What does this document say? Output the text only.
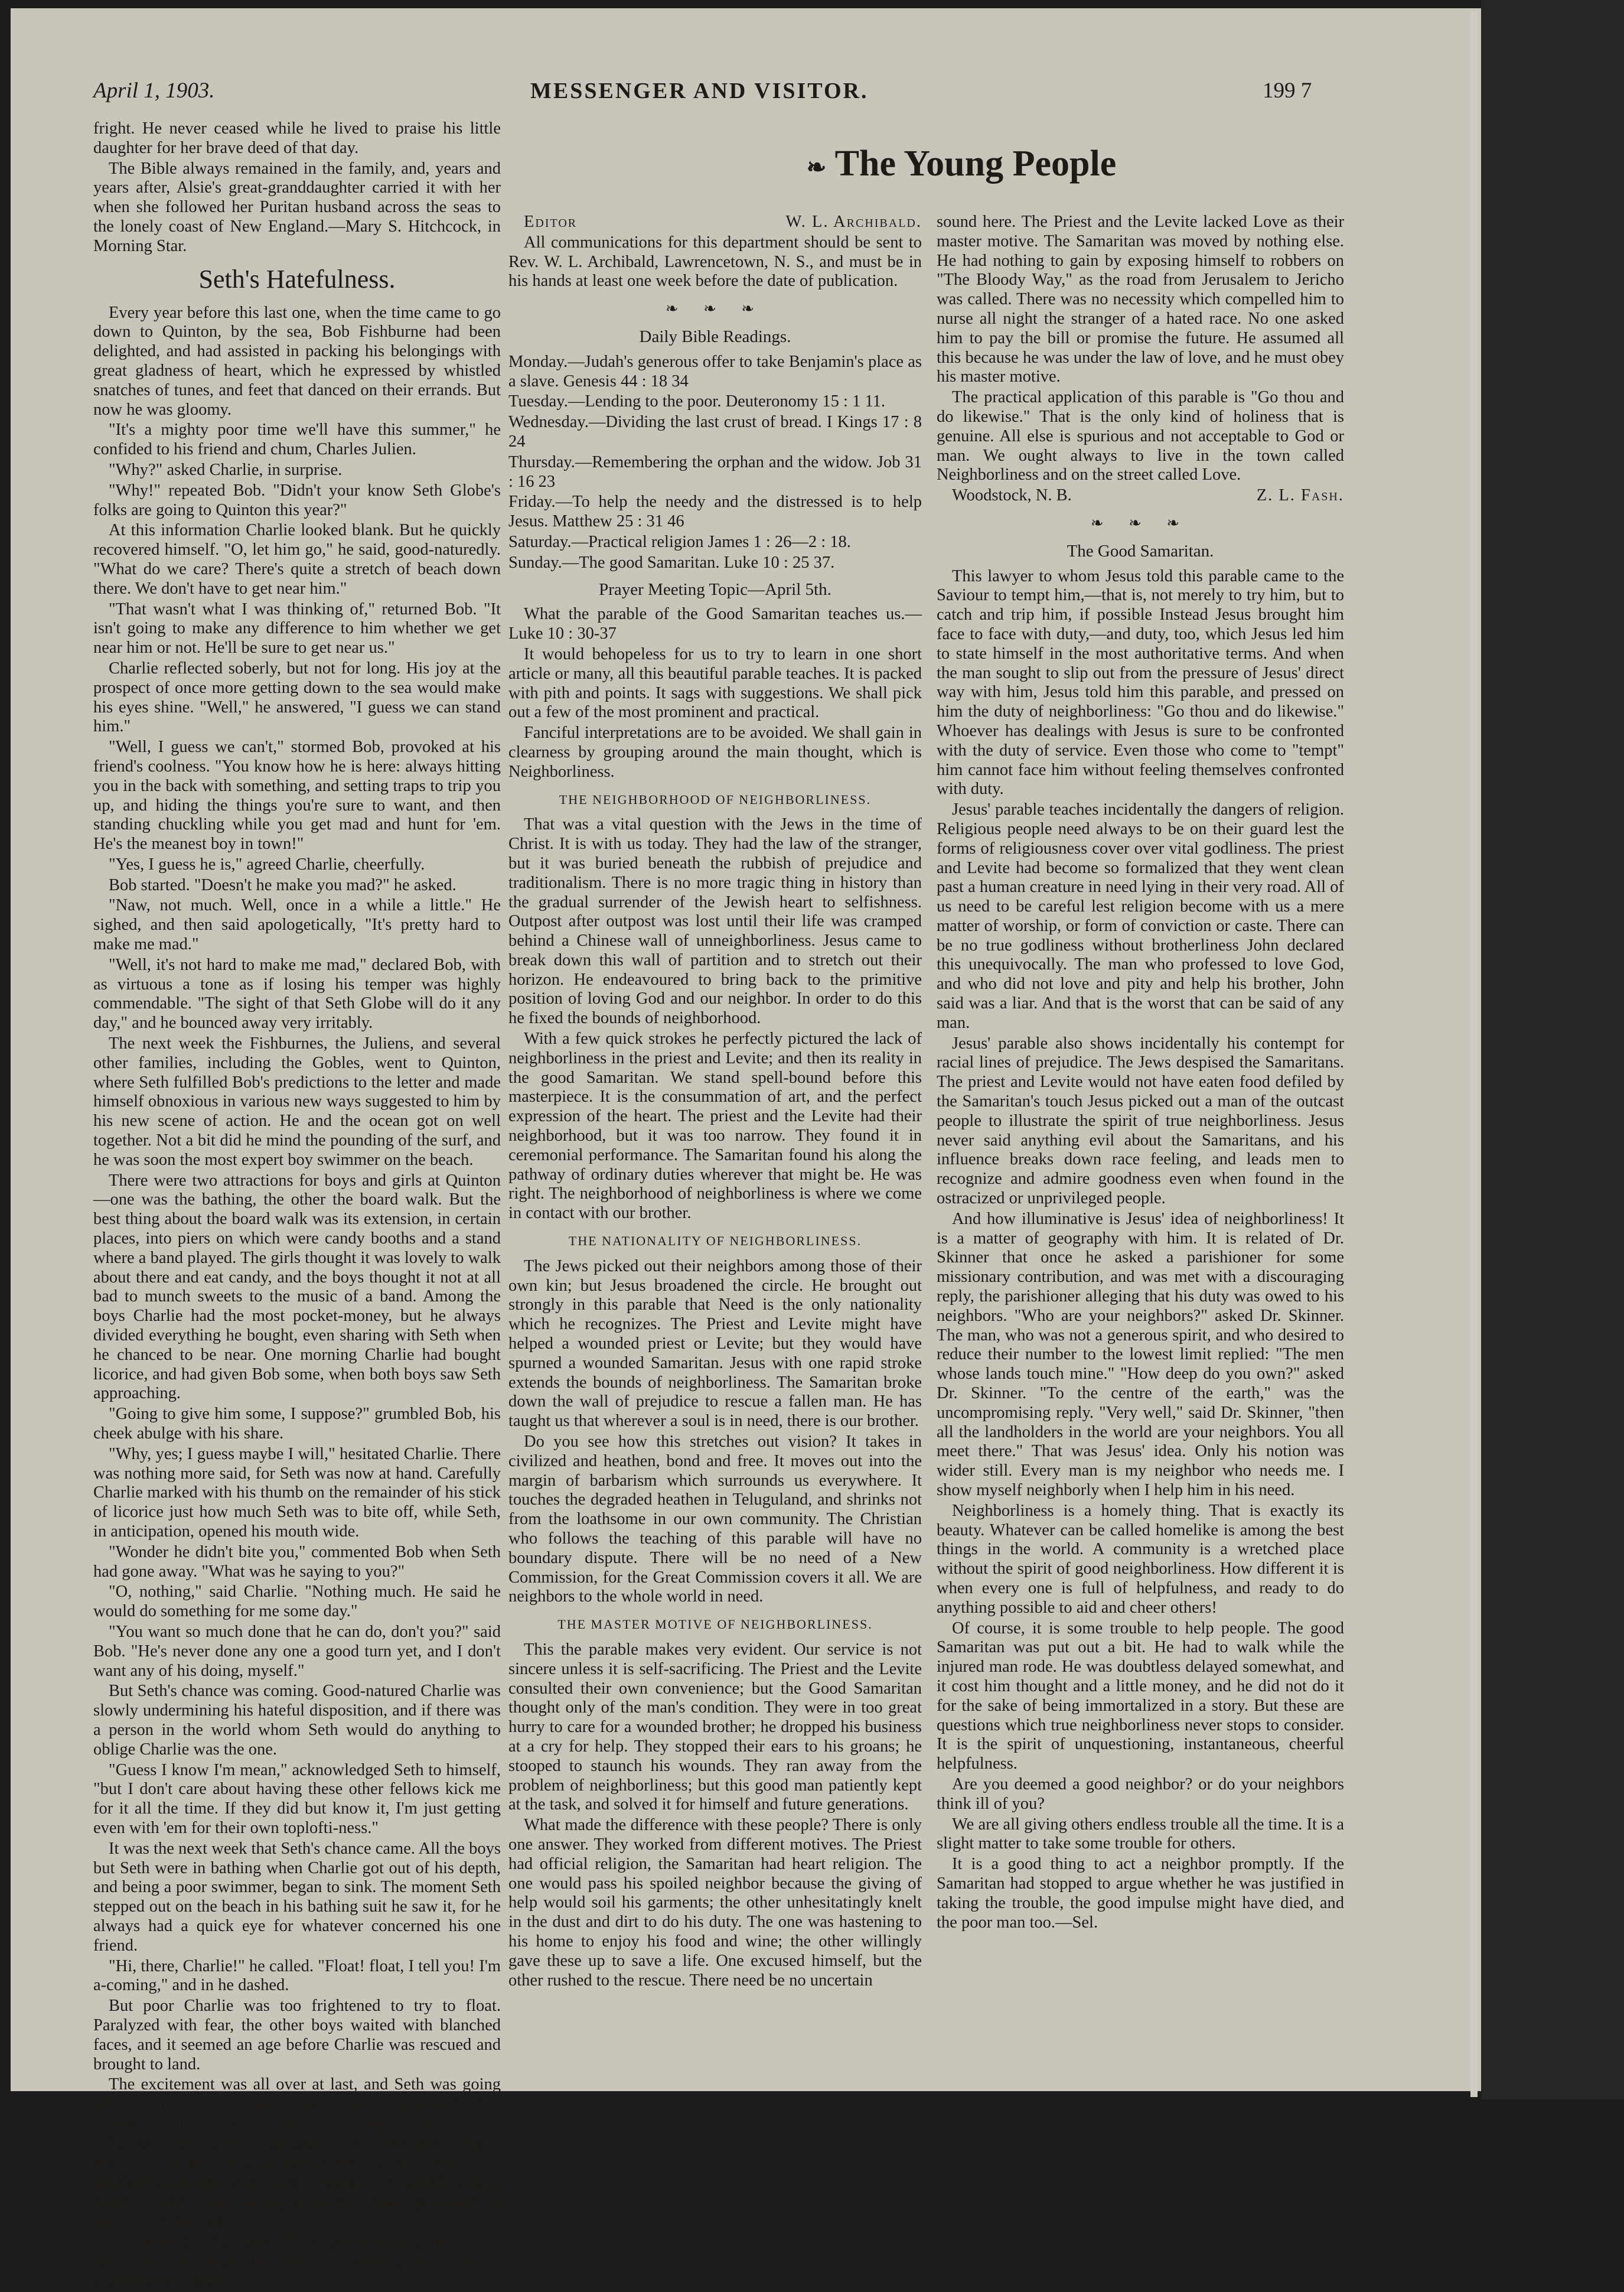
April 1, 1903.	MESSENGER AND VISITOR.	199 7
❧ The Young People

fright. He never ceased while he lived to praise his little daughter for her brave deed of that day.

The Bible always remained in the family, and, years and years after, Alsie's great-granddaughter carried it with her when she followed her Puritan husband across the seas to the lonely coast of New England.—Mary S. Hitchcock, in Morning Star.

Seth's Hatefulness.

Every year before this last one, when the time came to go down to Quinton, by the sea, Bob Fishburne had been delighted, and had assisted in packing his belongings with great gladness of heart, which he expressed by whistled snatches of tunes, and feet that danced on their errands. But now he was gloomy.

"It's a mighty poor time we'll have this summer," he confided to his friend and chum, Charles Julien.

"Why?" asked Charlie, in surprise.

"Why!" repeated Bob. "Didn't your know Seth Globe's folks are going to Quinton this year?"

At this information Charlie looked blank. But he quickly recovered himself. "O, let him go," he said, good-naturedly. "What do we care? There's quite a stretch of beach down there. We don't have to get near him."

"That wasn't what I was thinking of," returned Bob. "It isn't going to make any difference to him whether we get near him or not. He'll be sure to get near us."

Charlie reflected soberly, but not for long. His joy at the prospect of once more getting down to the sea would make his eyes shine. "Well," he answered, "I guess we can stand him."

"Well, I guess we can't," stormed Bob, provoked at his friend's coolness. "You know how he is here: always hitting you in the back with something, and setting traps to trip you up, and hiding the things you're sure to want, and then standing chuckling while you get mad and hunt for 'em. He's the meanest boy in town!"

"Yes, I guess he is," agreed Charlie, cheerfully.

Bob started. "Doesn't he make you mad?" he asked.

"Naw, not much. Well, once in a while a little." He sighed, and then said apologetically, "It's pretty hard to make me mad."

"Well, it's not hard to make me mad," declared Bob, with as virtuous a tone as if losing his temper was highly commendable. "The sight of that Seth Globe will do it any day," and he bounced away very irritably.

The next week the Fishburnes, the Juliens, and several other families, including the Gobles, went to Quinton, where Seth fulfilled Bob's predictions to the letter and made himself obnoxious in various new ways suggested to him by his new scene of action. He and the ocean got on well together. Not a bit did he mind the pounding of the surf, and he was soon the most expert boy swimmer on the beach.

There were two attractions for boys and girls at Quinton—one was the bathing, the other the board walk. But the best thing about the board walk was its extension, in certain places, into piers on which were candy booths and a stand where a band played. The girls thought it was lovely to walk about there and eat candy, and the boys thought it not at all bad to munch sweets to the music of a band. Among the boys Charlie had the most pocket-money, but he always divided everything he bought, even sharing with Seth when he chanced to be near. One morning Charlie had bought licorice, and had given Bob some, when both boys saw Seth approaching.

"Going to give him some, I suppose?" grumbled Bob, his cheek abulge with his share.

"Why, yes; I guess maybe I will," hesitated Charlie. There was nothing more said, for Seth was now at hand. Carefully Charlie marked with his thumb on the remainder of his stick of licorice just how much Seth was to bite off, while Seth, in anticipation, opened his mouth wide.

"Wonder he didn't bite you," commented Bob when Seth had gone away. "What was he saying to you?"

"O, nothing," said Charlie. "Nothing much. He said he would do something for me some day."

"You want so much done that he can do, don't you?" said Bob. "He's never done any one a good turn yet, and I don't want any of his doing, myself."

But Seth's chance was coming. Good-natured Charlie was slowly undermining his hateful disposition, and if there was a person in the world whom Seth would do anything to oblige Charlie was the one.

"Guess I know I'm mean," acknowledged Seth to himself, "but I don't care about having these other fellows kick me for it all the time. If they did but know it, I'm just getting even with 'em for their own toplofti-ness."

It was the next week that Seth's chance came. All the boys but Seth were in bathing when Charlie got out of his depth, and being a poor swimmer, began to sink. The moment Seth stepped out on the beach in his bathing suit he saw it, for he always had a quick eye for whatever concerned his one friend.

"Hi, there, Charlie!" he called. "Float! float, I tell you! I'm a-coming," and in he dashed.

But poor Charlie was too frightened to try to float. Paralyzed with fear, the other boys waited with blanched faces, and it seemed an age before Charlie was rescued and brought to land.

The excitement was all over at last, and Seth was going off by himself, but the other boys would not hear of it. They followed him about and could not do enough for him.

"Queer," said Seth to himself a few days later, "that I don't want to do a thing to plague 'em. I guess I left all my hatefulness in the water, and I guess," he ended, with a smile, "if this being friendly keeps up, I shan't go in after it and fetch it out again."

He never did For today he is the most popular boy in town, and the particular friend of Charlie Julien.—W. U. Gladwin, in Visitor.

Editor	W. L. Archibald.

All communications for this department should be sent to Rev. W. L. Archibald, Lawrencetown, N. S., and must be in his hands at least one week before the date of publication.

❧ ❧ ❧
Daily Bible Readings.

Monday.—Judah's generous offer to take Benjamin's place as a slave. Genesis 44 : 18 34

Tuesday.—Lending to the poor. Deuteronomy 15 : 1 11.

Wednesday.—Dividing the last crust of bread. I Kings 17 : 8 24

Thursday.—Remembering the orphan and the widow. Job 31 : 16 23

Friday.—To help the needy and the distressed is to help Jesus. Matthew 25 : 31 46

Saturday.—Practical religion James 1 : 26—2 : 18.

Sunday.—The good Samaritan. Luke 10 : 25 37.

Prayer Meeting Topic—April 5th.

What the parable of the Good Samaritan teaches us.—Luke 10 : 30-37

It would behopeless for us to try to learn in one short article or many, all this beautiful parable teaches. It is packed with pith and points. It sags with suggestions. We shall pick out a few of the most prominent and practical.

Fanciful interpretations are to be avoided. We shall gain in clearness by grouping around the main thought, which is Neighborliness.

THE NEIGHBORHOOD OF NEIGHBORLINESS.

That was a vital question with the Jews in the time of Christ. It is with us today. They had the law of the stranger, but it was buried beneath the rubbish of prejudice and traditionalism. There is no more tragic thing in history than the gradual surrender of the Jewish heart to selfishness. Outpost after outpost was lost until their life was cramped behind a Chinese wall of unneighborliness. Jesus came to break down this wall of partition and to stretch out their horizon. He endeavoured to bring back to the primitive position of loving God and our neighbor. In order to do this he fixed the bounds of neighborhood.

With a few quick strokes he perfectly pictured the lack of neighborliness in the priest and Levite; and then its reality in the good Samaritan. We stand spell-bound before this masterpiece. It is the consummation of art, and the perfect expression of the heart. The priest and the Levite had their neighborhood, but it was too narrow. They found it in ceremonial performance. The Samaritan found his along the pathway of ordinary duties wherever that might be. He was right. The neighborhood of neighborliness is where we come in contact with our brother.

THE NATIONALITY OF NEIGHBORLINESS.

The Jews picked out their neighbors among those of their own kin; but Jesus broadened the circle. He brought out strongly in this parable that Need is the only nationality which he recognizes. The Priest and Levite might have helped a wounded priest or Levite; but they would have spurned a wounded Samaritan. Jesus with one rapid stroke extends the bounds of neighborliness. The Samaritan broke down the wall of prejudice to rescue a fallen man. He has taught us that wherever a soul is in need, there is our brother.

Do you see how this stretches out vision? It takes in civilized and heathen, bond and free. It moves out into the margin of barbarism which surrounds us everywhere. It touches the degraded heathen in Teluguland, and shrinks not from the loathsome in our own community. The Christian who follows the teaching of this parable will have no boundary dispute. There will be no need of a New Commission, for the Great Commission covers it all. We are neighbors to the whole world in need.

THE MASTER MOTIVE OF NEIGHBORLINESS.

This the parable makes very evident. Our service is not sincere unless it is self-sacrificing. The Priest and the Levite consulted their own convenience; but the Good Samaritan thought only of the man's condition. They were in too great hurry to care for a wounded brother; he dropped his business at a cry for help. They stopped their ears to his groans; he stooped to staunch his wounds. They ran away from the problem of neighborliness; but this good man patiently kept at the task, and solved it for himself and future generations.

What made the difference with these people? There is only one answer. They worked from different motives. The Priest had official religion, the Samaritan had heart religion. The one would pass his spoiled neighbor because the giving of help would soil his garments; the other unhesitatingly knelt in the dust and dirt to do his duty. The one was hastening to his home to enjoy his food and wine; the other willingly gave these up to save a life. One excused himself, but the other rushed to the rescue. There need be no uncertain

sound here. The Priest and the Levite lacked Love as their master motive. The Samaritan was moved by nothing else. He had nothing to gain by exposing himself to robbers on "The Bloody Way," as the road from Jerusalem to Jericho was called. There was no necessity which compelled him to nurse all night the stranger of a hated race. No one asked him to pay the bill or promise the future. He assumed all this because he was under the law of love, and he must obey his master motive.

The practical application of this parable is "Go thou and do likewise." That is the only kind of holiness that is genuine. All else is spurious and not acceptable to God or man. We ought always to live in the town called Neighborliness and on the street called Love.

Woodstock, N. B.	Z. L. Fash.

❧ ❧ ❧
The Good Samaritan.

This lawyer to whom Jesus told this parable came to the Saviour to tempt him,—that is, not merely to try him, but to catch and trip him, if possible Instead Jesus brought him face to face with duty,—and duty, too, which Jesus led him to state himself in the most authoritative terms. And when the man sought to slip out from the pressure of Jesus' direct way with him, Jesus told him this parable, and pressed on him the duty of neighborliness: "Go thou and do likewise." Whoever has dealings with Jesus is sure to be confronted with the duty of service. Even those who come to "tempt" him cannot face him without feeling themselves confronted with duty.

Jesus' parable teaches incidentally the dangers of religion. Religious people need always to be on their guard lest the forms of religiousness cover over vital godliness. The priest and Levite had become so formalized that they went clean past a human creature in need lying in their very road. All of us need to be careful lest religion become with us a mere matter of worship, or form of conviction or caste. There can be no true godliness without brotherliness John declared this unequivocally. The man who professed to love God, and who did not love and pity and help his brother, John said was a liar. And that is the worst that can be said of any man.

Jesus' parable also shows incidentally his contempt for racial lines of prejudice. The Jews despised the Samaritans. The priest and Levite would not have eaten food defiled by the Samaritan's touch Jesus picked out a man of the outcast people to illustrate the spirit of true neighborliness. Jesus never said anything evil about the Samaritans, and his influence breaks down race feeling, and leads men to recognize and admire goodness even when found in the ostracized or unprivileged people.

And how illuminative is Jesus' idea of neighborliness! It is a matter of geography with him. It is related of Dr. Skinner that once he asked a parishioner for some missionary contribution, and was met with a discouraging reply, the parishioner alleging that his duty was owed to his neighbors. "Who are your neighbors?" asked Dr. Skinner. The man, who was not a generous spirit, and who desired to reduce their number to the lowest limit replied: "The men whose lands touch mine." "How deep do you own?" asked Dr. Skinner. "To the centre of the earth," was the uncompromising reply. "Very well," said Dr. Skinner, "then all the landholders in the world are your neighbors. You all meet there." That was Jesus' idea. Only his notion was wider still. Every man is my neighbor who needs me. I show myself neighborly when I help him in his need.

Neighborliness is a homely thing. That is exactly its beauty. Whatever can be called homelike is among the best things in the world. A community is a wretched place without the spirit of good neighborliness. How different it is when every one is full of helpfulness, and ready to do anything possible to aid and cheer others!

Of course, it is some trouble to help people. The good Samaritan was put out a bit. He had to walk while the injured man rode. He was doubtless delayed somewhat, and it cost him thought and a little money, and he did not do it for the sake of being immortalized in a story. But these are questions which true neighborliness never stops to consider. It is the spirit of unquestioning, instantaneous, cheerful helpfulness.

Are you deemed a good neighbor? or do your neighbors think ill of you?

We are all giving others endless trouble all the time. It is a slight matter to take some trouble for others.

It is a good thing to act a neighbor promptly. If the Samaritan had stopped to argue whether he was justified in taking the trouble, the good impulse might have died, and the poor man too.—Sel.
